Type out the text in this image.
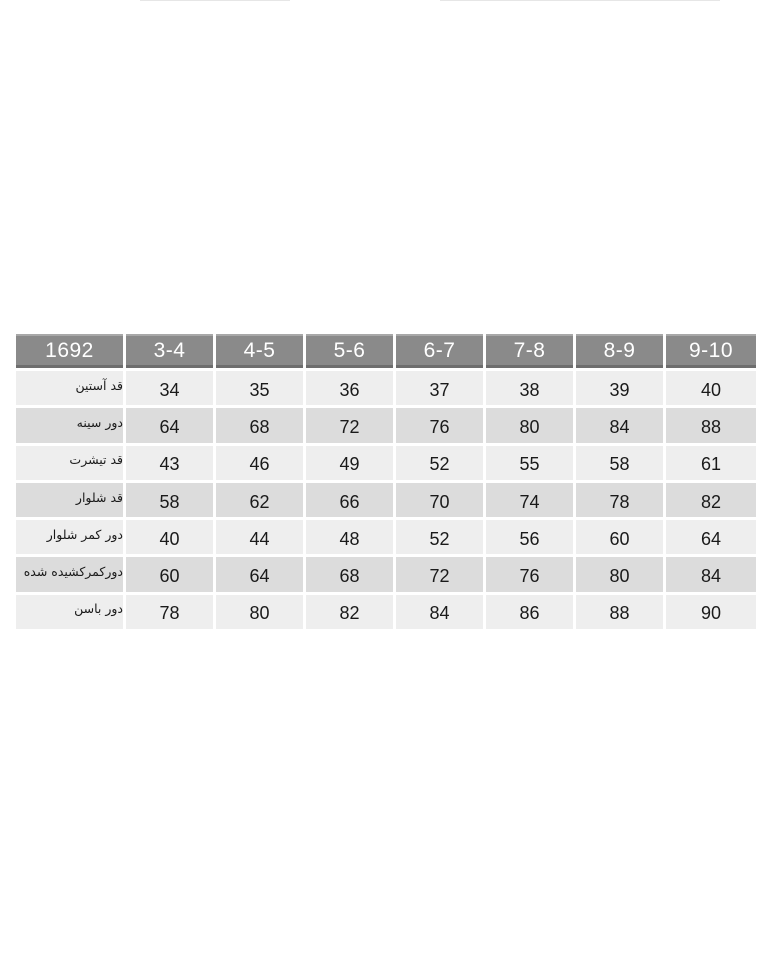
1692	3-4	4-5	5-6	6-7	7-8	8-9	9-10
قد آستین 34	35	36	37	38	39	40
دور سینه 64	68	72	76	80	84	88
قد تیشرت 43	46	49	52	55	58	61
قد شلوار 58	62	66	70	74	78	82
دور کمر شلوار 40	44	48	52	56	60	64
دورکمرکشیده شده 60	64	68	72	76	80	84
دور باسن 78	80	82	84	86	88	90
